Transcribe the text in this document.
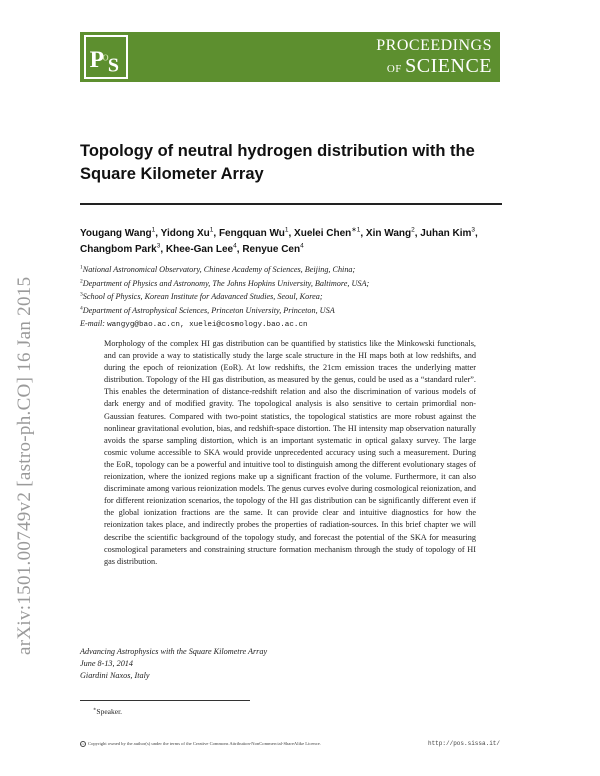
P
o S
PROCEEDINGS
OF SCIENCE
arXiv:1501.00749v2 [astro-ph.CO] 16 Jan 2015
Topology of neutral hydrogen distribution with the Square Kilometer Array
Yougang Wang$^1$, Yidong Xu$^1$, Fengquan Wu$^1$, Xuelei Chen$^{∗1}$, Xin Wang$^2$, Juhan Kim$^3$, Changbom Park$^3$, Khee-Gan Lee$^4$, Renyue Cen$^4$
$^1$National Astronomical Observatory, Chinese Academy of Sciences, Beijing, China;
$^2$Department of Physics and Astronomy, The Johns Hopkins University, Baltimore, USA;
$^3$School of Physics, Korean Institute for Adavanced Studies, Seoul, Korea;
$^4$Department of Astrophysical Sciences, Princeton University, Princeton, USA
E-mail: wangyg@bao.ac.cn, xuelei@cosmology.bao.ac.cn

Morphology of the complex HI gas distribution can be quantified by statistics like the Minkowski functionals, and can provide a way to statistically study the large scale structure in the HI maps both at low redshifts, and during the epoch of reionization (EoR). At low redshifts, the 21cm emission traces the underlying matter distribution. Topology of the HI gas distribution, as measured by the genus, could be used as a “standard ruler”. This enables the determination of distance-redshift relation and also the discrimination of various models of dark energy and of modified gravity. The topological analysis is also sensitive to certain primordial non-Gaussian features. Compared with two-point statistics, the topological statistics are more robust against the nonlinear gravitational evolution, bias, and redshift-space distortion. The HI intensity map observation naturally avoids the sparse sampling distortion, which is an important systematic in optical galaxy survey. The large cosmic volume accessible to SKA would provide unprecedented accuracy using such a measurement. During the EoR, topology can be a powerful and intuitive tool to distinguish among the different evolutionary stages of reionization, where the ionized regions make up a significant fraction of the volume. Furthermore, it can also discriminate among various reionization models. The genus curves evolve during cosmological reionization, and for different reionization scenarios, the topology of the HI gas distribution can be significantly different even if the global ionization fractions are the same. It can provide clear and intuitive diagnostics for how the reionization takes place, and indirectly probes the properties of radiation-sources. In this brief chapter we will describe the scientific background of the topology study, and forecast the potential of the SKA for measuring cosmological parameters and constraining structure formation mechanism through the study of topology of HI gas distribution.

Advancing Astrophysics with the Square Kilometre Array
June 8-13, 2014
Giardini Naxos, Italy
∗Speaker.
cc Copyright owned by the author(s) under the terms of the Creative Commons Attribution-NonCommercial-ShareAlike Licence.	http://pos.sissa.it/
